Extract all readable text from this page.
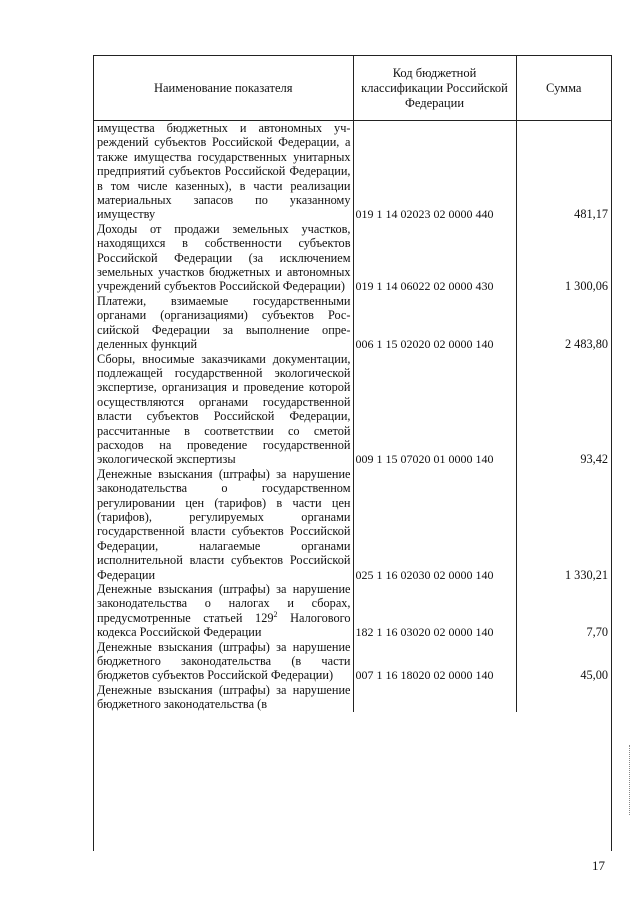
Наименование показателя	Код бюджетной классификации Российской Федерации	Сумма
имущества бюджетных и автономных учреждений субъектов Российской Федерации, а также имущества государственных унитарных предприятий субъектов Российской Федерации, в том числе казенных), в части реализации материальных запасов по указанному имуществу	019 1 14 02023 02 0000 440	481,17
Доходы от продажи земельных участков, находящихся в собственности субъектов Российской Федерации (за исключением земельных участков бюджетных и автономных учреждений субъектов Российской Федерации)	019 1 14 06022 02 0000 430	1 300,06
Платежи, взимаемые государственными органами (организациями) субъектов Российской Федерации за выполнение определенных функций	006 1 15 02020 02 0000 140	2 483,80
Сборы, вносимые заказчиками документации, подлежащей государственной экологической экспертизе, организация и проведение которой осуществляются органами государственной власти субъектов Российской Федерации, рассчитанные в соответствии со сметой расходов на проведение государственной экологической экспертизы	009 1 15 07020 01 0000 140	93,42
Денежные взыскания (штрафы) за нарушение законодательства о государственном регулировании цен (тарифов) в части цен (тарифов), регулируемых органами государственной власти субъектов Российской Федерации, налагаемые органами исполнительной власти субъектов Российской Федерации	025 1 16 02030 02 0000 140	1 330,21
Денежные взыскания (штрафы) за нарушение законодательства о налогах и сборах, предусмотренные статьей $129^2$ Налогового кодекса Российской Федерации	182 1 16 03020 02 0000 140	7,70
Денежные взыскания (штрафы) за нарушение бюджетного законодательства (в части бюджетов субъектов Российской Федерации)	007 1 16 18020 02 0000 140	45,00
Денежные взыскания (штрафы) за нарушение бюджетного законодательства (в		
17
